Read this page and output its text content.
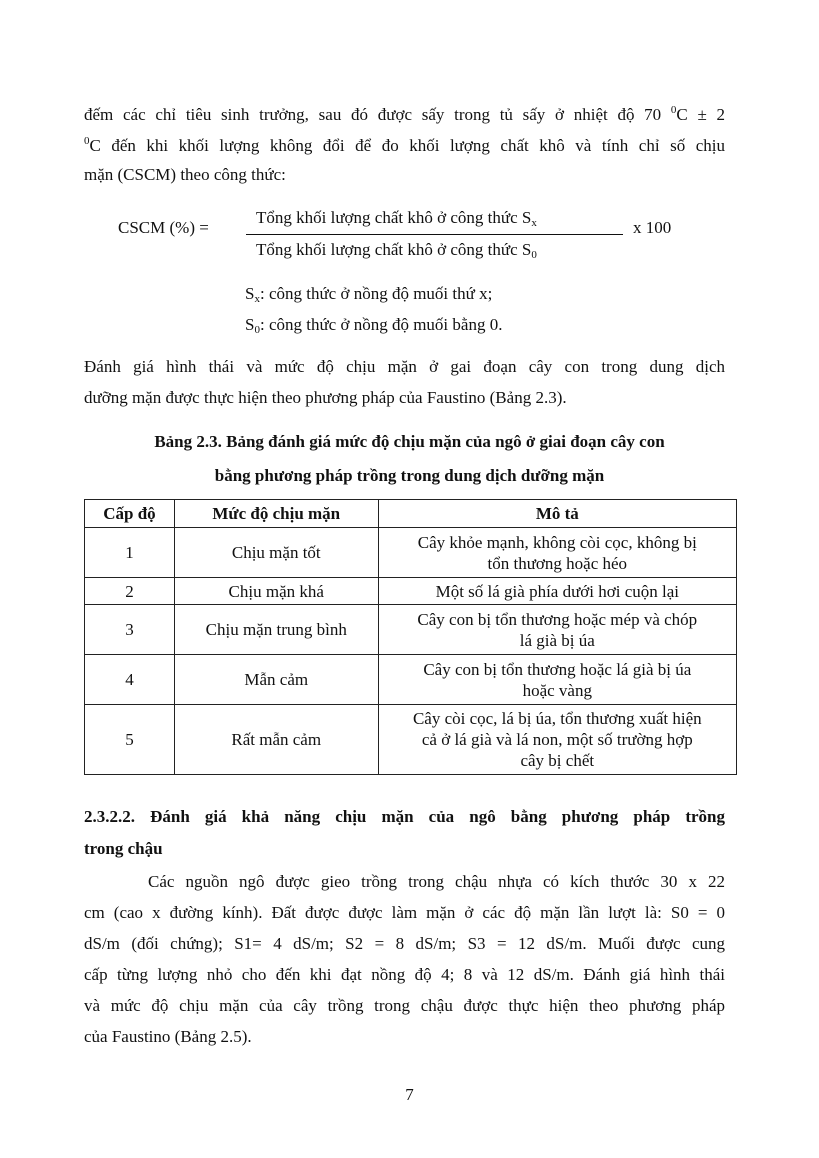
đếm các chỉ tiêu sinh trưởng, sau đó được sấy trong tủ sấy ở nhiệt độ 70 $^0$C ± 2
$^0$C đến khi khối lượng không đổi để đo khối lượng chất khô và tính chỉ số chịu
mặn (CSCM) theo công thức:
CSCM (%) =
Tổng khối lượng chất khô ở công thức $S_x$
Tổng khối lượng chất khô ở công thức $S_0$
x 100
$S_x$: công thức ở nồng độ muối thứ x;
$S_0$: công thức ở nồng độ muối bằng 0.
Đánh giá hình thái và mức độ chịu mặn ở gai đoạn cây con trong dung dịch
dưỡng mặn được thực hiện theo phương pháp của Faustino (Bảng 2.3).
Bảng 2.3. Bảng đánh giá mức độ chịu mặn của ngô ở giai đoạn cây con
bằng phương pháp trồng trong dung dịch dưỡng mặn
Cấp độ	Mức độ chịu mặn	Mô tả
1	Chịu mặn tốt	Cây khỏe mạnh, không còi cọc, không bị
tổn thương hoặc héo

2	Chịu mặn khá	Một số lá già phía dưới hơi cuộn lại

3	Chịu mặn trung bình	Cây con bị tổn thương hoặc mép và chóp
lá già bị úa

4	Mẫn cảm	Cây con bị tổn thương hoặc lá già bị úa
hoặc vàng

5	Rất mẫn cảm	Cây còi cọc, lá bị úa, tổn thương xuất hiện
cả ở lá già và lá non, một số trường hợp
cây bị chết
2.3.2.2. Đánh giá khả năng chịu mặn của ngô bằng phương pháp trồng
trong chậu
Các nguồn ngô được gieo trồng trong chậu nhựa có kích thước 30 x 22
cm (cao x đường kính). Đất được được làm mặn ở các độ mặn lần lượt là: S0 = 0
dS/m (đối chứng); S1= 4 dS/m; S2 = 8 dS/m; S3 = 12 dS/m. Muối được cung
cấp từng lượng nhỏ cho đến khi đạt nồng độ 4; 8 và 12 dS/m. Đánh giá hình thái
và mức độ chịu mặn của cây trồng trong chậu được thực hiện theo phương pháp
của Faustino (Bảng 2.5).
7
